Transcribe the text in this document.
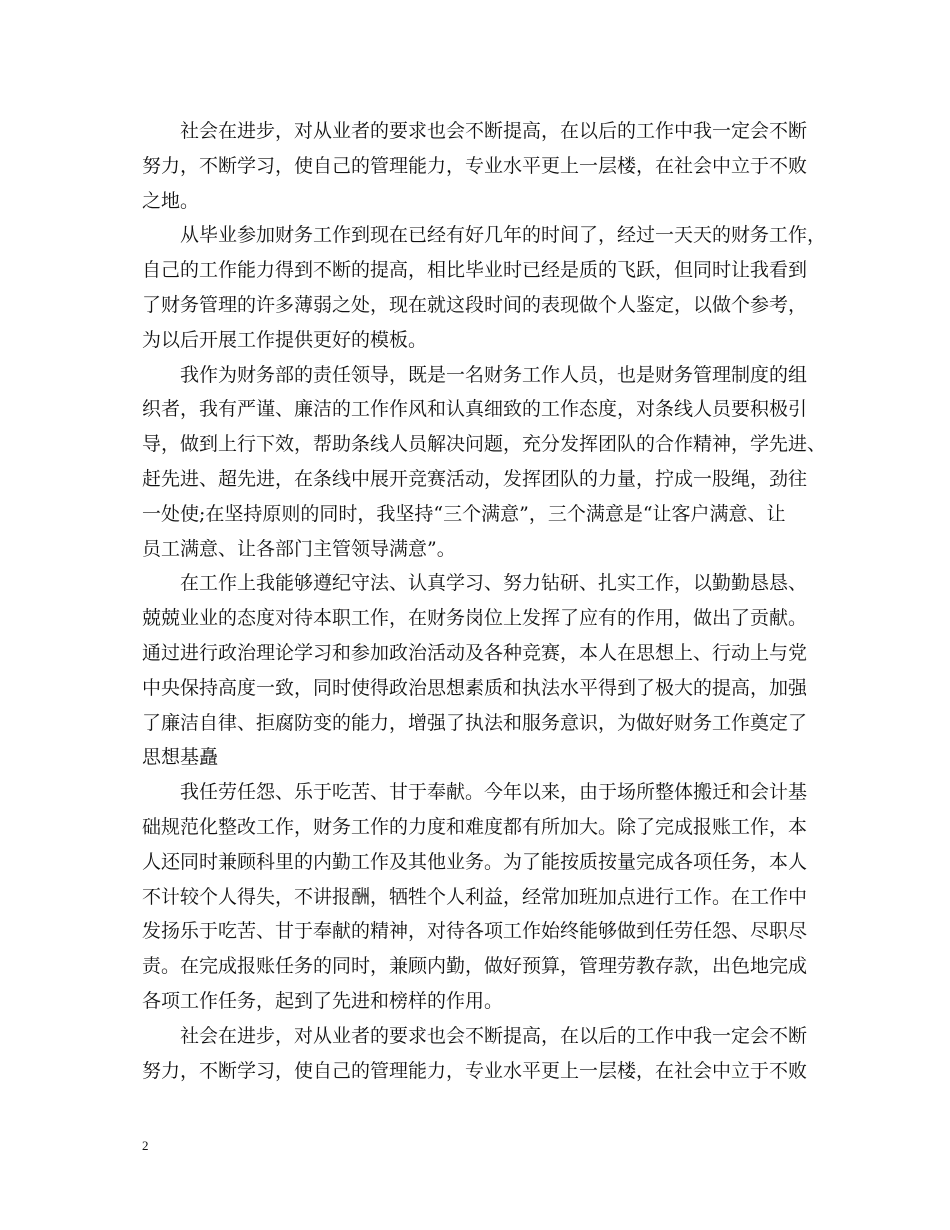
社会在进步，对从业者的要求也会不断提高，在以后的工作中我一定会不断
努力，不断学习，使自己的管理能力，专业水平更上一层楼，在社会中立于不败
之地。
从毕业参加财务工作到现在已经有好几年的时间了，经过一天天的财务工作，
自己的工作能力得到不断的提高，相比毕业时已经是质的飞跃，但同时让我看到
了财务管理的许多薄弱之处，现在就这段时间的表现做个人鉴定，以做个参考，
为以后开展工作提供更好的模板。
我作为财务部的责任领导，既是一名财务工作人员，也是财务管理制度的组
织者，我有严谨、廉洁的工作作风和认真细致的工作态度，对条线人员要积极引
导，做到上行下效，帮助条线人员解决问题，充分发挥团队的合作精神，学先进、
赶先进、超先进，在条线中展开竞赛活动，发挥团队的力量，拧成一股绳，劲往
一处使;在坚持原则的同时，我坚持“三个满意”，三个满意是“让客户满意、让
员工满意、让各部门主管领导满意”。
在工作上我能够遵纪守法、认真学习、努力钻研、扎实工作，以勤勤恳恳、
兢兢业业的态度对待本职工作，在财务岗位上发挥了应有的作用，做出了贡献。
通过进行政治理论学习和参加政治活动及各种竞赛，本人在思想上、行动上与党
中央保持高度一致，同时使得政治思想素质和执法水平得到了极大的提高，加强
了廉洁自律、拒腐防变的能力，增强了执法和服务意识，为做好财务工作奠定了
思想基矗
我任劳任怨、乐于吃苦、甘于奉献。今年以来，由于场所整体搬迁和会计基
础规范化整改工作，财务工作的力度和难度都有所加大。除了完成报账工作，本
人还同时兼顾科里的内勤工作及其他业务。为了能按质按量完成各项任务，本人
不计较个人得失，不讲报酬，牺牲个人利益，经常加班加点进行工作。在工作中
发扬乐于吃苦、甘于奉献的精神，对待各项工作始终能够做到任劳任怨、尽职尽
责。在完成报账任务的同时，兼顾内勤，做好预算，管理劳教存款，出色地完成
各项工作任务，起到了先进和榜样的作用。
社会在进步，对从业者的要求也会不断提高，在以后的工作中我一定会不断
努力，不断学习，使自己的管理能力，专业水平更上一层楼，在社会中立于不败
2
